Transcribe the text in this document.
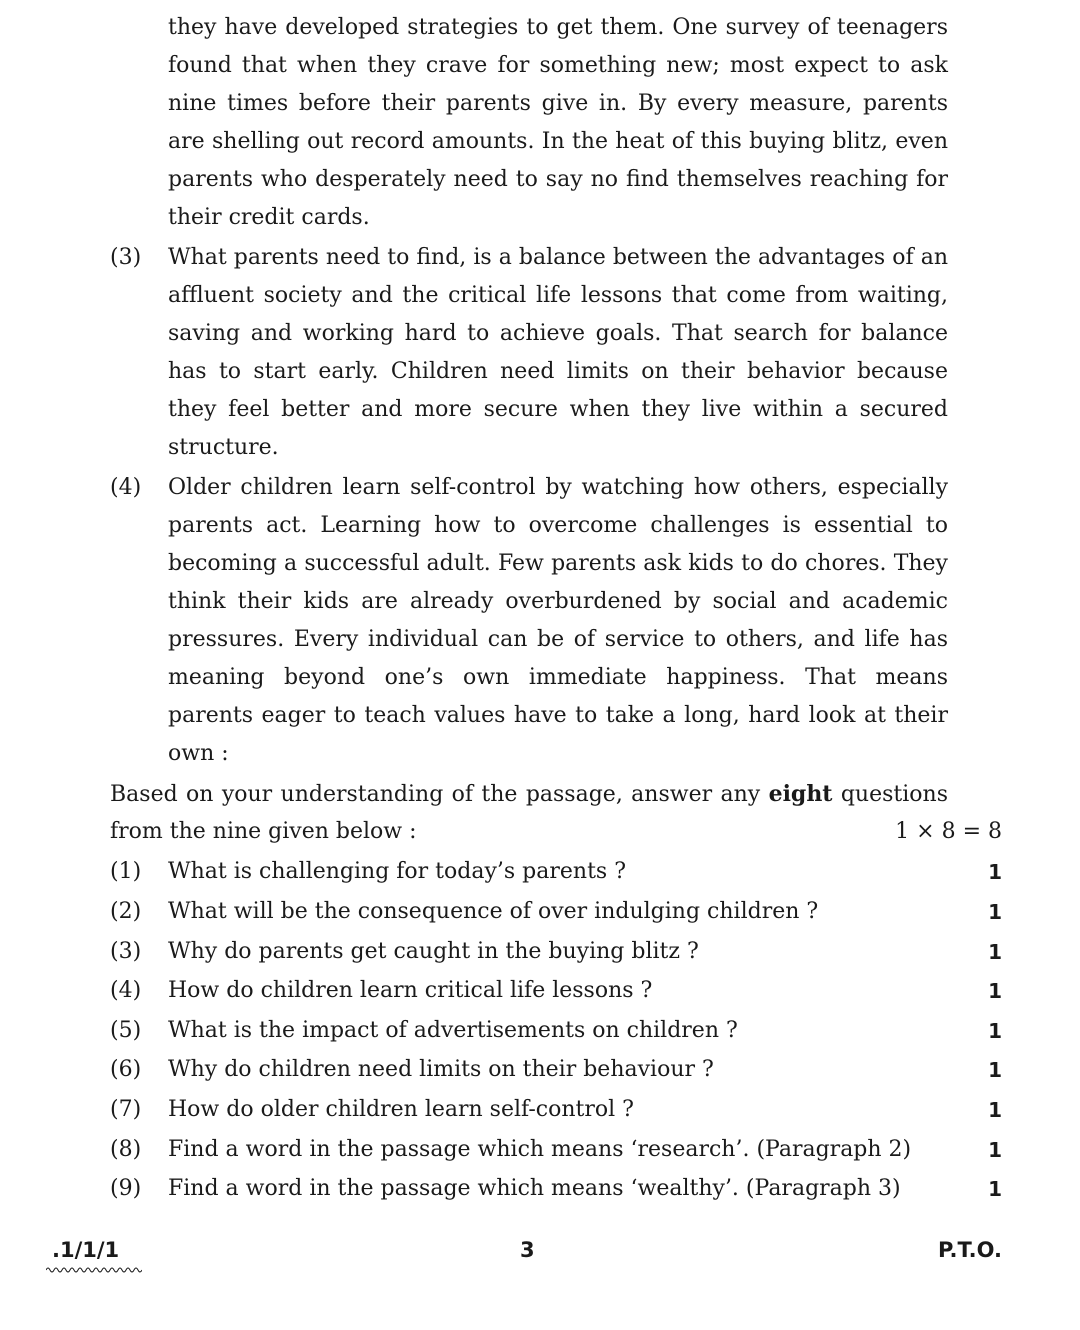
they have developed strategies to get them. One survey of teenagers
found that when they crave for something new; most expect to ask
nine times before their parents give in. By every measure, parents
are shelling out record amounts. In the heat of this buying blitz, even
parents who desperately need to say no find themselves reaching for
their credit cards.
(3) What parents need to find, is a balance between the advantages of an
affluent society and the critical life lessons that come from waiting,
saving and working hard to achieve goals. That search for balance
has to start early. Children need limits on their behavior because
they feel better and more secure when they live within a secured
structure.
(4) Older children learn self-control by watching how others, especially
parents act. Learning how to overcome challenges is essential to
becoming a successful adult. Few parents ask kids to do chores. They
think their kids are already overburdened by social and academic
pressures. Every individual can be of service to others, and life has
meaning beyond one’s own immediate happiness. That means
parents eager to teach values have to take a long, hard look at their
own :
Based on your understanding of the passage, answer any eight questions
from the nine given below :	1 × 8 = 8
(1) What is challenging for today’s parents ?	1
(2) What will be the consequence of over indulging children ?	1
(3) Why do parents get caught in the buying blitz ?	1
(4) How do children learn critical life lessons ?	1
(5) What is the impact of advertisements on children ?	1
(6) Why do children need limits on their behaviour ?	1
(7) How do older children learn self-control ?	1
(8) Find a word in the passage which means ‘research’. (Paragraph 2)	1
(9) Find a word in the passage which means ‘wealthy’. (Paragraph 3)	1
.1/1/1	3	P.T.O.
